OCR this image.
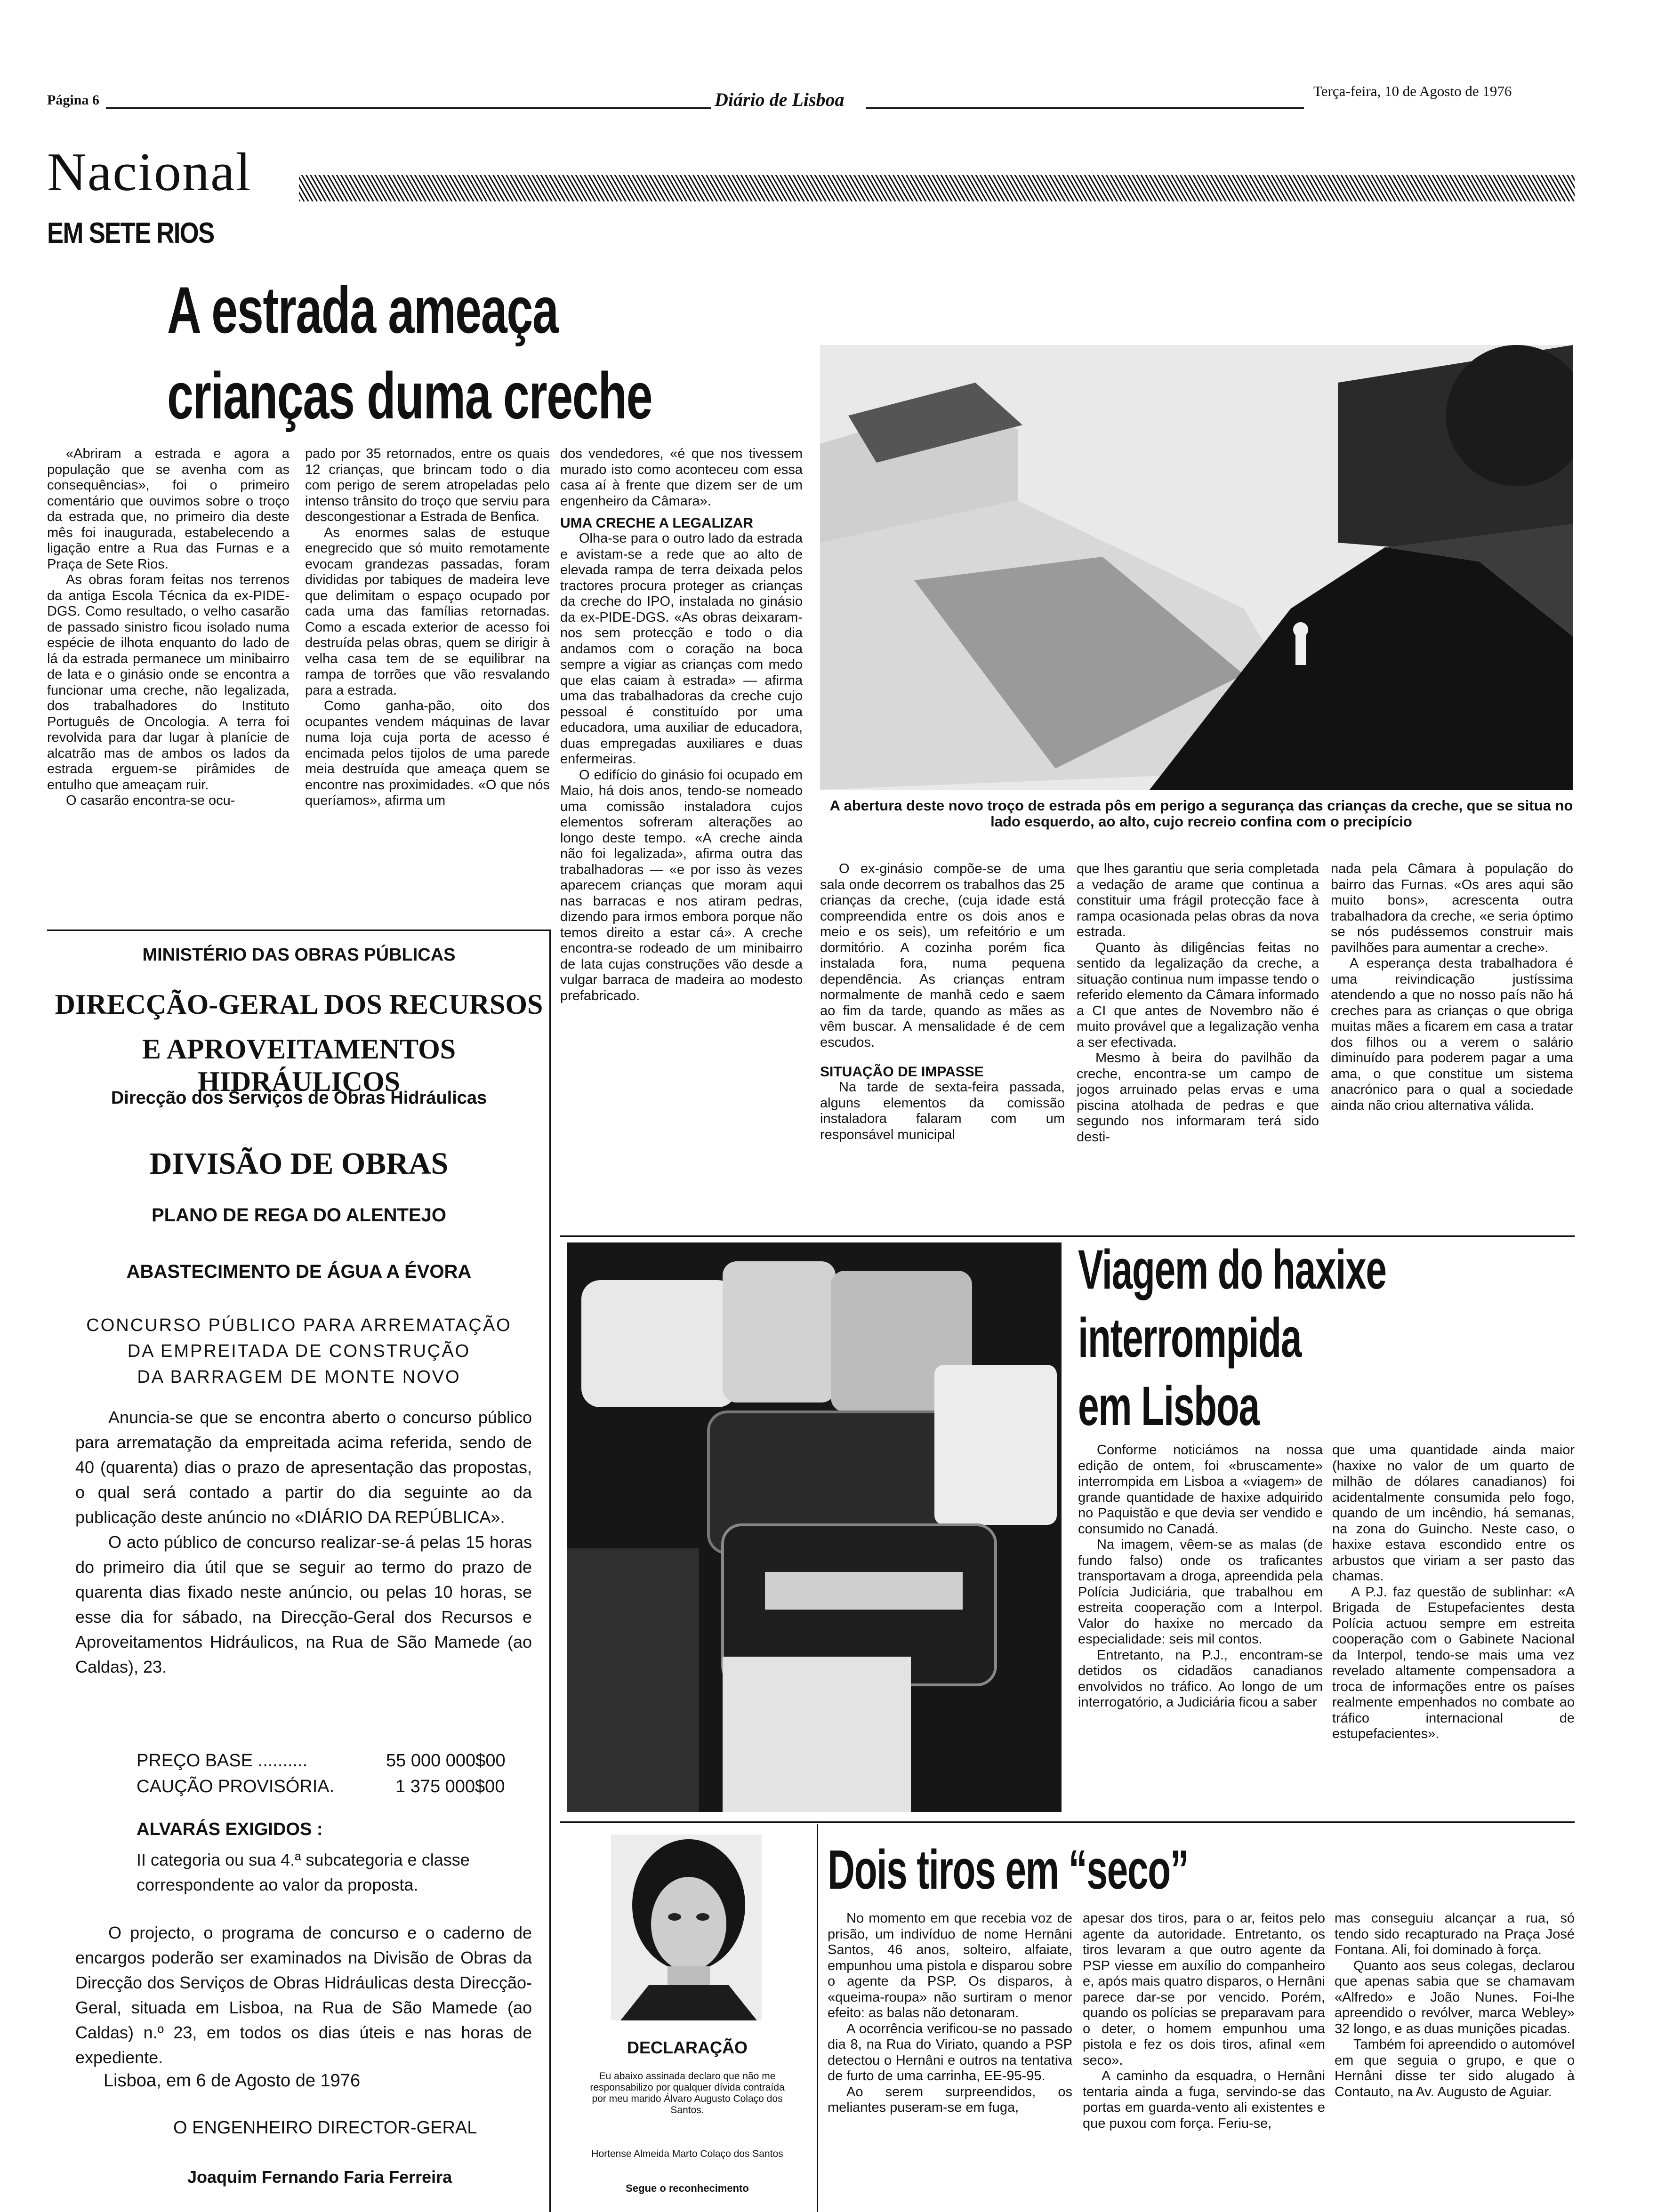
Página 6	Diário de Lisboa	Terça-feira, 10 de Agosto de 1976
Nacional
EM SETE RIOS
A estrada ameaça
crianças duma creche

«Abriram a estrada e agora a população que se avenha com as consequências», foi o primeiro comentário que ouvimos sobre o troço da estrada que, no primeiro dia deste mês foi inaugurada, estabelecendo a ligação entre a Rua das Furnas e a Praça de Sete Rios.

As obras foram feitas nos terrenos da antiga Escola Técnica da ex-PIDE-DGS. Como resultado, o velho casarão de passado sinistro ficou isolado numa espécie de ilhota enquanto do lado de lá da estrada permanece um minibairro de lata e o ginásio onde se encontra a funcionar uma creche, não legalizada, dos trabalhadores do Instituto Português de Oncologia. A terra foi revolvida para dar lugar à planície de alcatrão mas de ambos os lados da estrada erguem-se pirâmides de entulho que ameaçam ruir.

O casarão encontra-se ocu-

pado por 35 retornados, entre os quais 12 crianças, que brincam todo o dia com perigo de serem atropeladas pelo intenso trânsito do troço que serviu para descongestionar a Estrada de Benfica.

As enormes salas de estuque enegrecido que só muito remotamente evocam grandezas passadas, foram divididas por tabiques de madeira leve que delimitam o espaço ocupado por cada uma das famílias retornadas. Como a escada exterior de acesso foi destruída pelas obras, quem se dirigir à velha casa tem de se equilibrar na rampa de torrões que vão resvalando para a estrada.

Como ganha-pão, oito dos ocupantes vendem máquinas de lavar numa loja cuja porta de acesso é encimada pelos tijolos de uma parede meia destruída que ameaça quem se encontre nas proximidades. «O que nós queríamos», afirma um

dos vendedores, «é que nos tivessem murado isto como aconteceu com essa casa aí à frente que dizem ser de um engenheiro da Câmara».

UMA CRECHE A LEGALIZAR

Olha-se para o outro lado da estrada e avistam-se a rede que ao alto de elevada rampa de terra deixada pelos tractores procura proteger as crianças da creche do IPO, instalada no ginásio da ex-PIDE-DGS. «As obras deixaram-nos sem protecção e todo o dia andamos com o coração na boca sempre a vigiar as crianças com medo que elas caiam à estrada» — afirma uma das trabalhadoras da creche cujo pessoal é constituído por uma educadora, uma auxiliar de educadora, duas empregadas auxiliares e duas enfermeiras.

O edifício do ginásio foi ocupado em Maio, há dois anos, tendo-se nomeado uma comissão instaladora cujos elementos sofreram alterações ao longo deste tempo. «A creche ainda não foi legalizada», afirma outra das trabalhadoras — «e por isso às vezes aparecem crianças que moram aqui nas barracas e nos atiram pedras, dizendo para irmos embora porque não temos direito a estar cá». A creche encontra-se rodeado de um minibairro de lata cujas construções vão desde a vulgar barraca de madeira ao modesto prefabricado.

A abertura deste novo troço de estrada pôs em perigo a segurança das crianças da creche, que se situa no lado esquerdo, ao alto, cujo recreio confina com o precipício

O ex-ginásio compõe-se de uma sala onde decorrem os trabalhos das 25 crianças da creche, (cuja idade está compreendida entre os dois anos e meio e os seis), um refeitório e um dormitório. A cozinha porém fica instalada fora, numa pequena dependência. As crianças entram normalmente de manhã cedo e saem ao fim da tarde, quando as mães as vêm buscar. A mensalidade é de cem escudos.

SITUAÇÃO DE IMPASSE

Na tarde de sexta-feira passada, alguns elementos da comissão instaladora falaram com um responsável municipal

que lhes garantiu que seria completada a vedação de arame que continua a constituir uma frágil protecção face à rampa ocasionada pelas obras da nova estrada.

Quanto às diligências feitas no sentido da legalização da creche, a situação continua num impasse tendo o referido elemento da Câmara informado a CI que antes de Novembro não é muito provável que a legalização venha a ser efectivada.

Mesmo à beira do pavilhão da creche, encontra-se um campo de jogos arruinado pelas ervas e uma piscina atolhada de pedras e que segundo nos informaram terá sido desti-

nada pela Câmara à população do bairro das Furnas. «Os ares aqui são muito bons», acrescenta outra trabalhadora da creche, «e seria óptimo se nós pudéssemos construir mais pavilhões para aumentar a creche».

A esperança desta trabalhadora é uma reivindicação justíssima atendendo a que no nosso país não há creches para as crianças o que obriga muitas mães a ficarem em casa a tratar dos filhos ou a verem o salário diminuído para poderem pagar a uma ama, o que constitue um sistema anacrónico para o qual a sociedade ainda não criou alternativa válida.

MINISTÉRIO DAS OBRAS PÚBLICAS
DIRECÇÃO-GERAL DOS RECURSOS
E APROVEITAMENTOS HIDRÁULICOS
Direcção dos Serviços de Obras Hidráulicas
DIVISÃO DE OBRAS
PLANO DE REGA DO ALENTEJO
ABASTECIMENTO DE ÁGUA A ÉVORA
CONCURSO PÚBLICO PARA ARREMATAÇÃO
DA EMPREITADA DE CONSTRUÇÃO
DA BARRAGEM DE MONTE NOVO

Anuncia-se que se encontra aberto o concurso público para arrematação da empreitada acima referida, sendo de 40 (quarenta) dias o prazo de apresentação das propostas, o qual será contado a partir do dia seguinte ao da publicação deste anúncio no «DIÁRIO DA REPÚBLICA».

O acto público de concurso realizar-se-á pelas 15 horas do primeiro dia útil que se seguir ao termo do prazo de quarenta dias fixado neste anúncio, ou pelas 10 horas, se esse dia for sábado, na Direcção-Geral dos Recursos e Aproveitamentos Hidráulicos, na Rua de São Mamede (ao Caldas), 23.

PREÇO BASE ..........	55 000 000$00
CAUÇÃO PROVISÓRIA.	1 375 000$00
ALVARÁS EXIGIDOS :
II categoria ou sua 4.ª subcategoria e classe correspondente ao valor da proposta.

O projecto, o programa de concurso e o caderno de encargos poderão ser examinados na Divisão de Obras da Direcção dos Serviços de Obras Hidráulicas desta Direcção-Geral, situada em Lisboa, na Rua de São Mamede (ao Caldas) n.º 23, em todos os dias úteis e nas horas de expediente.

Lisboa, em 6 de Agosto de 1976
O ENGENHEIRO DIRECTOR-GERAL
Joaquim Fernando Faria Ferreira
Viagem do haxixe
interrompida
em Lisboa

Conforme noticiámos na nossa edição de ontem, foi «bruscamente» interrompida em Lisboa a «viagem» de grande quantidade de haxixe adquirido no Paquistão e que devia ser vendido e consumido no Canadá.

Na imagem, vêem-se as malas (de fundo falso) onde os traficantes transportavam a droga, apreendida pela Polícia Judiciária, que trabalhou em estreita cooperação com a Interpol. Valor do haxixe no mercado da especialidade: seis mil contos.

Entretanto, na P.J., encontram-se detidos os cidadãos canadianos envolvidos no tráfico. Ao longo de um interrogatório, a Judiciária ficou a saber

que uma quantidade ainda maior (haxixe no valor de um quarto de milhão de dólares canadianos) foi acidentalmente consumida pelo fogo, quando de um incêndio, há semanas, na zona do Guincho. Neste caso, o haxixe estava escondido entre os arbustos que viriam a ser pasto das chamas.

A P.J. faz questão de sublinhar: «A Brigada de Estupefacientes desta Polícia actuou sempre em estreita cooperação com o Gabinete Nacional da Interpol, tendo-se mais uma vez revelado altamente compensadora a troca de informações entre os países realmente empenhados no combate ao tráfico internacional de estupefacientes».

DECLARAÇÃO
Eu abaixo assinada declaro que não me responsabilizo por qualquer dívida contraída por meu marido Álvaro Augusto Colaço dos Santos.
Hortense Almeida Marto Colaço dos Santos
Segue o reconhecimento
Dois tiros em “seco”

No momento em que recebia voz de prisão, um indivíduo de nome Hernâni Santos, 46 anos, solteiro, alfaiate, empunhou uma pistola e disparou sobre o agente da PSP. Os disparos, à «queima-roupa» não surtiram o menor efeito: as balas não detonaram.

A ocorrência verificou-se no passado dia 8, na Rua do Viriato, quando a PSP detectou o Hernâni e outros na tentativa de furto de uma carrinha, EE-95-95.

Ao serem surpreendidos, os meliantes puseram-se em fuga,

apesar dos tiros, para o ar, feitos pelo agente da autoridade. Entretanto, os tiros levaram a que outro agente da PSP viesse em auxílio do companheiro e, após mais quatro disparos, o Hernâni parece dar-se por vencido. Porém, quando os polícias se preparavam para o deter, o homem empunhou uma pistola e fez os dois tiros, afinal «em seco».

A caminho da esquadra, o Hernâni tentaria ainda a fuga, servindo-se das portas em guarda-vento ali existentes e que puxou com força. Feriu-se,

mas conseguiu alcançar a rua, só tendo sido recapturado na Praça José Fontana. Ali, foi dominado à força.

Quanto aos seus colegas, declarou que apenas sabia que se chamavam «Alfredo» e João Nunes. Foi-lhe apreendido o revólver, marca Webley» 32 longo, e as duas munições picadas.

Também foi apreendido o automóvel em que seguia o grupo, e que o Hernâni disse ter sido alugado à Contauto, na Av. Augusto de Aguiar.
